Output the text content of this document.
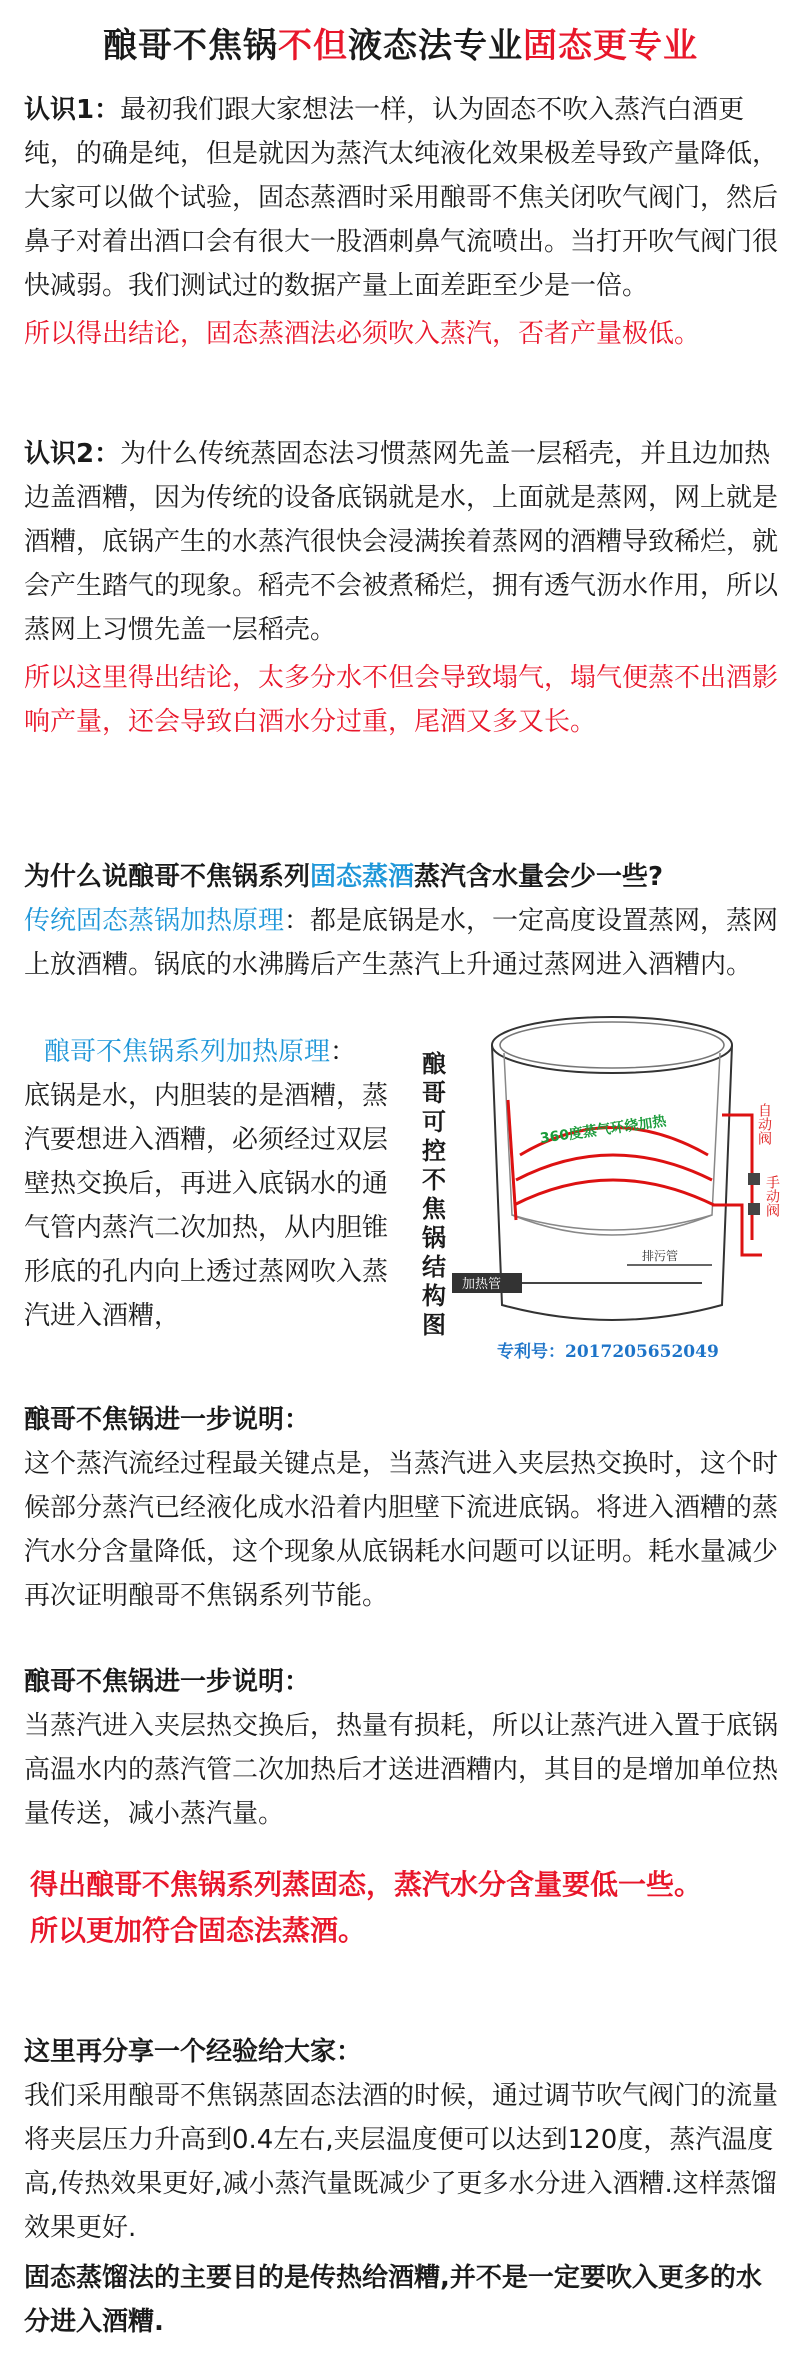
酿哥不焦锅不但液态法专业固态更专业
认识1：最初我们跟大家想法一样，认为固态不吹入蒸汽白酒更纯，的确是纯，但是就因为蒸汽太纯液化效果极差导致产量降低，大家可以做个试验，固态蒸酒时采用酿哥不焦关闭吹气阀门，然后鼻子对着出酒口会有很大一股酒刺鼻气流喷出。当打开吹气阀门很快减弱。我们测试过的数据产量上面差距至少是一倍。
所以得出结论，固态蒸酒法必须吹入蒸汽，否者产量极低。
认识2：为什么传统蒸固态法习惯蒸网先盖一层稻壳，并且边加热边盖酒糟，因为传统的设备底锅就是水，上面就是蒸网，网上就是酒糟，底锅产生的水蒸汽很快会浸满挨着蒸网的酒糟导致稀烂，就会产生踏气的现象。稻壳不会被煮稀烂，拥有透气沥水作用，所以蒸网上习惯先盖一层稻壳。
所以这里得出结论，太多分水不但会导致塌气，塌气便蒸不出酒影响产量，还会导致白酒水分过重，尾酒又多又长。
为什么说酿哥不焦锅系列固态蒸酒蒸汽含水量会少一些?
传统固态蒸锅加热原理：都是底锅是水，一定高度设置蒸网，蒸网上放酒糟。锅底的水沸腾后产生蒸汽上升通过蒸网进入酒糟内。
酿哥不焦锅系列加热原理：
底锅是水，内胆装的是酒糟，蒸汽要想进入酒糟，必须经过双层壁热交换后，再进入底锅水的通气管内蒸汽二次加热，从内胆锥形底的孔内向上透过蒸网吹入蒸汽进入酒糟，
酿哥可控不焦锅结构图
360度蒸气环绕加热	自动阀
手动阀
加热管
排污管
专利号：2017205652049
酿哥不焦锅进一步说明：
这个蒸汽流经过程最关键点是，当蒸汽进入夹层热交换时，这个时候部分蒸汽已经液化成水沿着内胆壁下流进底锅。将进入酒糟的蒸汽水分含量降低，这个现象从底锅耗水问题可以证明。耗水量减少再次证明酿哥不焦锅系列节能。
酿哥不焦锅进一步说明：
当蒸汽进入夹层热交换后，热量有损耗，所以让蒸汽进入置于底锅高温水内的蒸汽管二次加热后才送进酒糟内，其目的是增加单位热量传送，减小蒸汽量。
得出酿哥不焦锅系列蒸固态，蒸汽水分含量要低一些。
所以更加符合固态法蒸酒。
这里再分享一个经验给大家：
我们采用酿哥不焦锅蒸固态法酒的时候，通过调节吹气阀门的流量将夹层压力升高到0.4左右,夹层温度便可以达到120度，蒸汽温度高,传热效果更好,减小蒸汽量既减少了更多水分进入酒糟.这样蒸馏效果更好.
固态蒸馏法的主要目的是传热给酒糟,并不是一定要吹入更多的水分进入酒糟.
